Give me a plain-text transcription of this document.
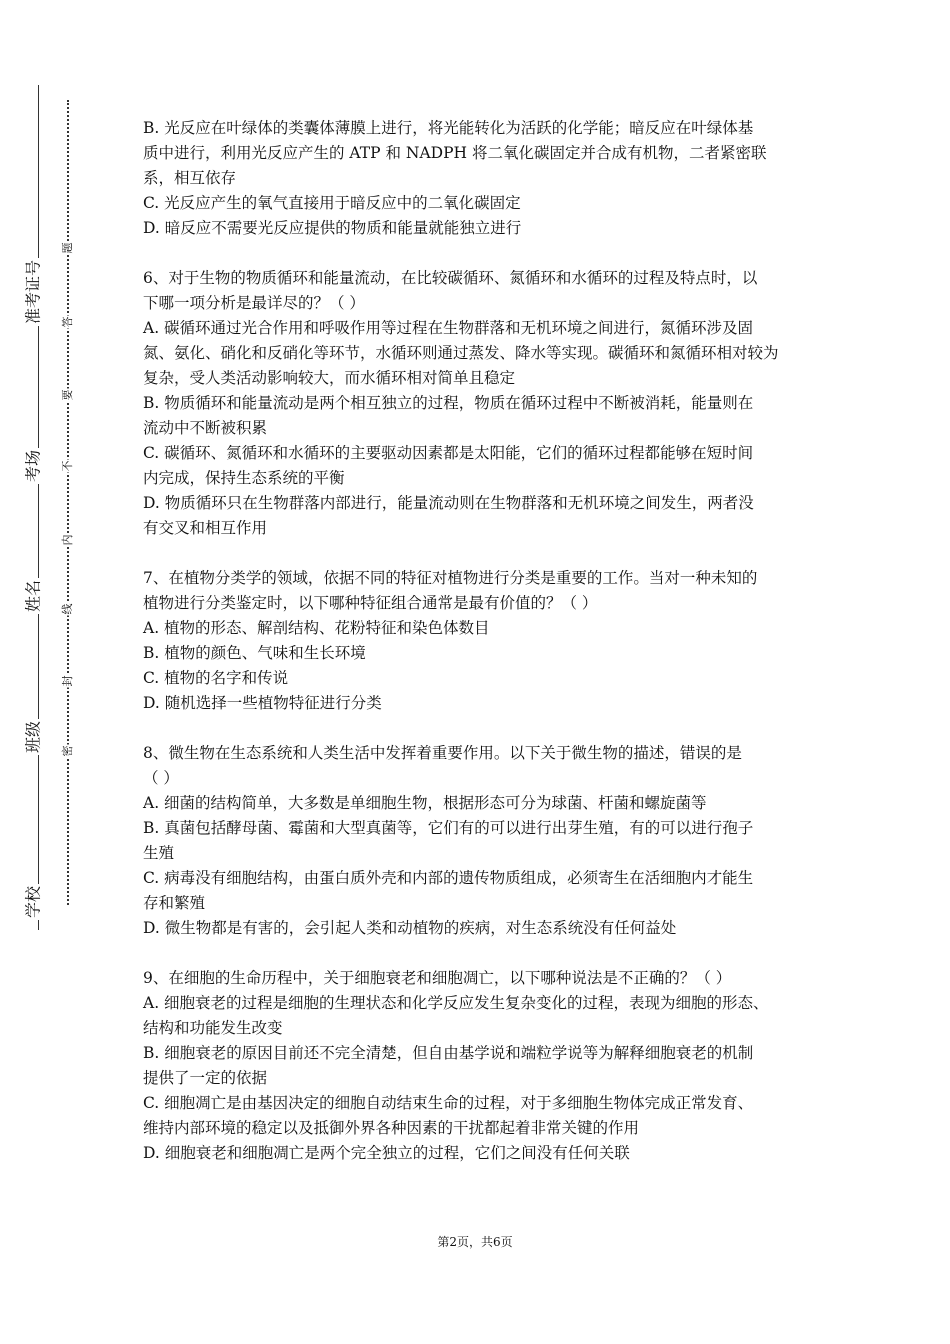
准考证号
考场
姓名
班级
学校
题
答
要
不
内
线
封
密
B. 光反应在叶绿体的类囊体薄膜上进行，将光能转化为活跃的化学能；暗反应在叶绿体基
质中进行，利用光反应产生的 ATP 和 NADPH 将二氧化碳固定并合成有机物，二者紧密联
系，相互依存
C. 光反应产生的氧气直接用于暗反应中的二氧化碳固定
D. 暗反应不需要光反应提供的物质和能量就能独立进行
6、对于生物的物质循环和能量流动，在比较碳循环、氮循环和水循环的过程及特点时，以
下哪一项分析是最详尽的？（ ）
A. 碳循环通过光合作用和呼吸作用等过程在生物群落和无机环境之间进行，氮循环涉及固
氮、氨化、硝化和反硝化等环节，水循环则通过蒸发、降水等实现。碳循环和氮循环相对较为
复杂，受人类活动影响较大，而水循环相对简单且稳定
B. 物质循环和能量流动是两个相互独立的过程，物质在循环过程中不断被消耗，能量则在
流动中不断被积累
C. 碳循环、氮循环和水循环的主要驱动因素都是太阳能，它们的循环过程都能够在短时间
内完成，保持生态系统的平衡
D. 物质循环只在生物群落内部进行，能量流动则在生物群落和无机环境之间发生，两者没
有交叉和相互作用
7、在植物分类学的领域，依据不同的特征对植物进行分类是重要的工作。当对一种未知的
植物进行分类鉴定时，以下哪种特征组合通常是最有价值的？（ ）
A. 植物的形态、解剖结构、花粉特征和染色体数目
B. 植物的颜色、气味和生长环境
C. 植物的名字和传说
D. 随机选择一些植物特征进行分类
8、微生物在生态系统和人类生活中发挥着重要作用。以下关于微生物的描述，错误的是
（ ）
A. 细菌的结构简单，大多数是单细胞生物，根据形态可分为球菌、杆菌和螺旋菌等
B. 真菌包括酵母菌、霉菌和大型真菌等，它们有的可以进行出芽生殖，有的可以进行孢子
生殖
C. 病毒没有细胞结构，由蛋白质外壳和内部的遗传物质组成，必须寄生在活细胞内才能生
存和繁殖
D. 微生物都是有害的，会引起人类和动植物的疾病，对生态系统没有任何益处
9、在细胞的生命历程中，关于细胞衰老和细胞凋亡，以下哪种说法是不正确的？（ ）
A. 细胞衰老的过程是细胞的生理状态和化学反应发生复杂变化的过程，表现为细胞的形态、
结构和功能发生改变
B. 细胞衰老的原因目前还不完全清楚，但自由基学说和端粒学说等为解释细胞衰老的机制
提供了一定的依据
C. 细胞凋亡是由基因决定的细胞自动结束生命的过程，对于多细胞生物体完成正常发育、
维持内部环境的稳定以及抵御外界各种因素的干扰都起着非常关键的作用
D. 细胞衰老和细胞凋亡是两个完全独立的过程，它们之间没有任何关联
第2页，共6页
